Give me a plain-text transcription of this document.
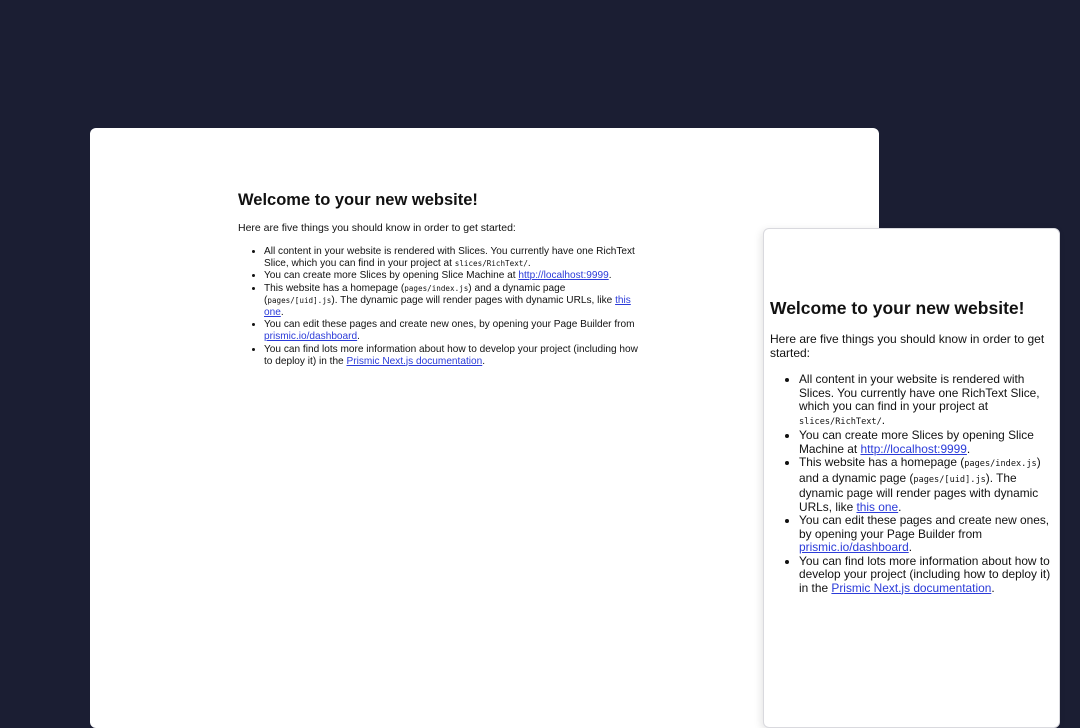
Welcome to your new website!

Here are five things you should know in order to get started:

• All content in your website is rendered with Slices. You currently have one RichText Slice, which you can find in your project at slices/RichText/.
• You can create more Slices by opening Slice Machine at http://localhost:9999.
• This website has a homepage (pages/index.js) and a dynamic page (pages/[uid].js). The dynamic page will render pages with dynamic URLs, like this one.
• You can edit these pages and create new ones, by opening your Page Builder from prismic.io/dashboard.
• You can find lots more information about how to develop your project (including how to deploy it) in the Prismic Next.js documentation.
Welcome to your new website!

Here are five things you should know in order to get started:

• All content in your website is rendered with Slices. You currently have one RichText Slice, which you can find in your project at slices/RichText/.
• You can create more Slices by opening Slice Machine at http://localhost:9999.
• This website has a homepage (pages/index.js) and a dynamic page (pages/[uid].js). The dynamic page will render pages with dynamic URLs, like this one.
• You can edit these pages and create new ones, by opening your Page Builder from prismic.io/dashboard.
• You can find lots more information about how to develop your project (including how to deploy it) in the Prismic Next.js documentation.
